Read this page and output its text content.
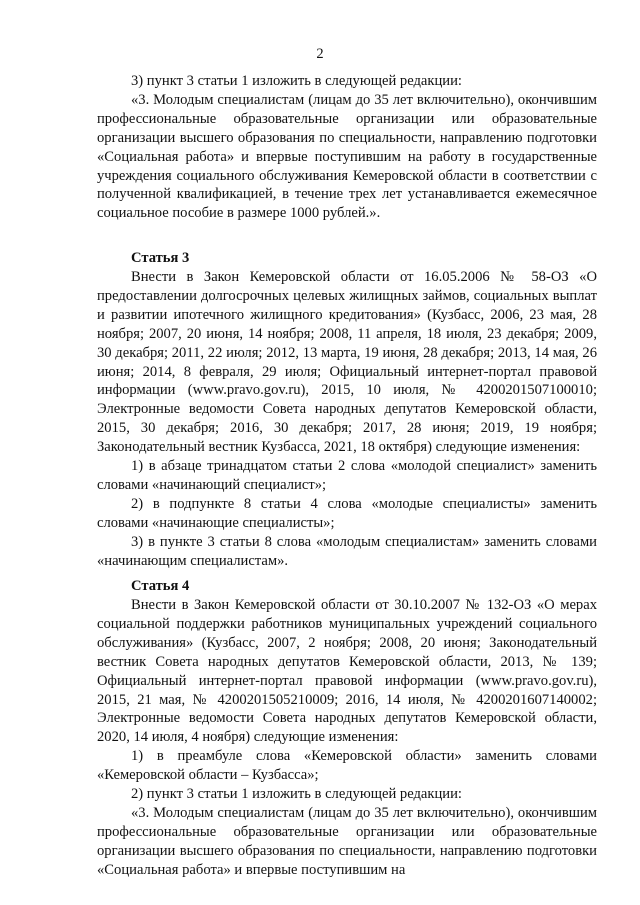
2

3) пункт 3 статьи 1 изложить в следующей редакции:

«3. Молодым специалистам (лицам до 35 лет включительно), окончившим профессиональные образовательные организации или образовательные организации высшего образования по специальности, направлению подготовки «Социальная работа» и впервые поступившим на работу в государственные учреждения социального обслуживания Кемеровской области в соответствии с полученной квалификацией, в течение трех лет устанавливается ежемесячное социальное пособие в размере 1000 рублей.».

Статья 3

Внести в Закон Кемеровской области от 16.05.2006 № 58-ОЗ «О предоставлении долгосрочных целевых жилищных займов, социальных выплат и развитии ипотечного жилищного кредитования» (Кузбасс, 2006, 23 мая, 28 ноября; 2007, 20 июня, 14 ноября; 2008, 11 апреля, 18 июля, 23 декабря; 2009, 30 декабря; 2011, 22 июля; 2012, 13 марта, 19 июня, 28 декабря; 2013, 14 мая, 26 июня; 2014, 8 февраля, 29 июля; Официальный интернет-портал правовой информации (www.pravo.gov.ru), 2015, 10 июля, № 4200201507100010; Электронные ведомости Совета народных депутатов Кемеровской области, 2015, 30 декабря; 2016, 30 декабря; 2017, 28 июня; 2019, 19 ноября; Законодательный вестник Кузбасса, 2021, 18 октября) следующие изменения:

1) в абзаце тринадцатом статьи 2 слова «молодой специалист» заменить словами «начинающий специалист»;

2) в подпункте 8 статьи 4 слова «молодые специалисты» заменить словами «начинающие специалисты»;

3) в пункте 3 статьи 8 слова «молодым специалистам» заменить словами «начинающим специалистам».

Статья 4

Внести в Закон Кемеровской области от 30.10.2007 № 132-ОЗ «О мерах социальной поддержки работников муниципальных учреждений социального обслуживания» (Кузбасс, 2007, 2 ноября; 2008, 20 июня; Законодательный вестник Совета народных депутатов Кемеровской области, 2013, № 139; Официальный интернет-портал правовой информации (www.pravo.gov.ru), 2015, 21 мая, № 4200201505210009; 2016, 14 июля, № 4200201607140002; Электронные ведомости Совета народных депутатов Кемеровской области, 2020, 14 июля, 4 ноября) следующие изменения:

1) в преамбуле слова «Кемеровской области» заменить словами «Кемеровской области – Кузбасса»;

2) пункт 3 статьи 1 изложить в следующей редакции:

«3. Молодым специалистам (лицам до 35 лет включительно), окончившим профессиональные образовательные организации или образовательные организации высшего образования по специальности, направлению подготовки «Социальная работа» и впервые поступившим на
